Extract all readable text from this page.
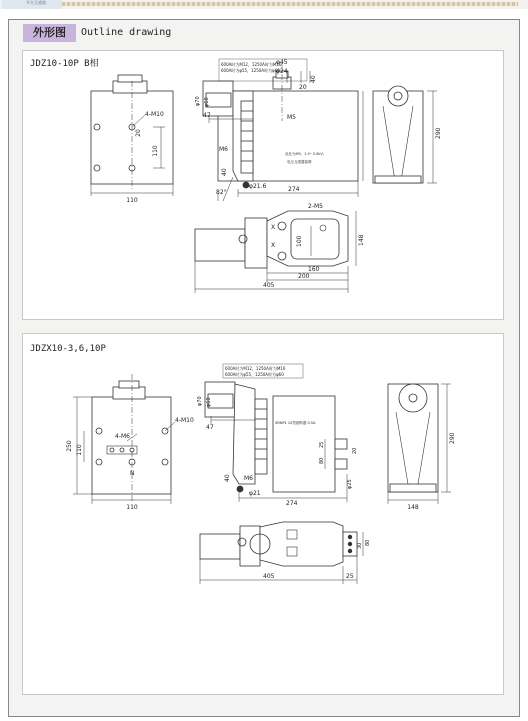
开关互感器
外形图	Outline drawing
JDZ10-10P B相
110
110
20
4-M10
φ70 φ60
47
φ45
φ24
20
40
M5
M6
40
φ21.6
82°	274
290
2-M5
X
X	100	148
160
200
405
600A时为M12，1250A时为M16
600A时为φ55，1250A时为φ60
此处为M5；1.0~3.5kV；
电压互感器铭牌
JDZX10-3,6,10P
110
110
250
4-M10
4-M6
N
φ70 φ60
47
M6
40
φ21
274
25
20
80
φ25
290
148
405	25
80
30
600A时为M12，1250A时为M16
600A时为φ55，1250A时为φ60
XRNP1 10型熔断器 0.5A
